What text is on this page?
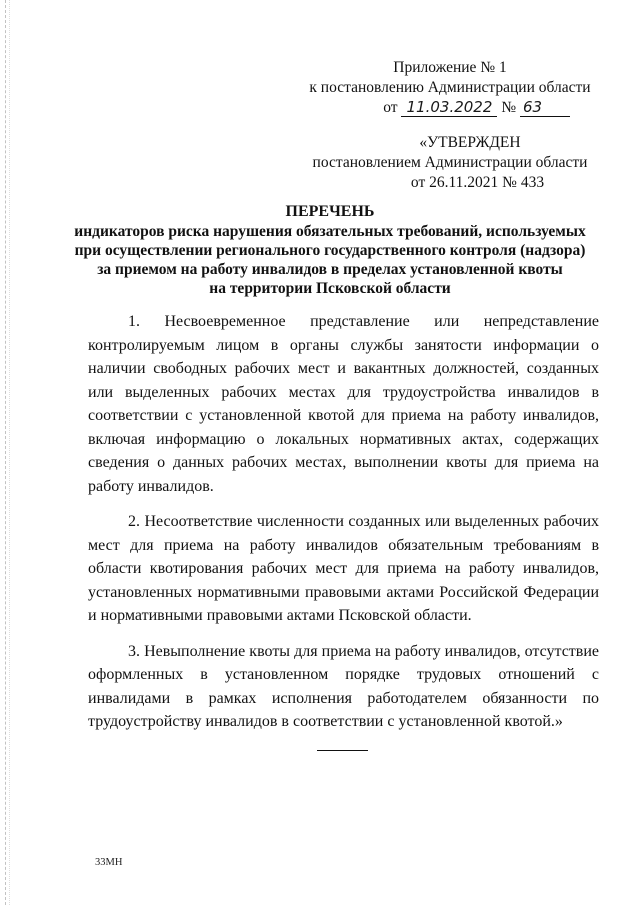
Приложение № 1
к постановлению Администрации области
от 11.03.2022 № 63
«УТВЕРЖДЕН
постановлением Администрации области
от 26.11.2021 № 433
ПЕРЕЧЕНЬ
индикаторов риска нарушения обязательных требований, используемых
при осуществлении регионального государственного контроля (надзора)
за приемом на работу инвалидов в пределах установленной квоты
на территории Псковской области

1. Несвоевременное представление или непредставление контролируемым лицом в органы службы занятости информации о наличии свободных рабочих мест и вакантных должностей, созданных или выделенных рабочих местах для трудоустройства инвалидов в соответствии с установленной квотой для приема на работу инвалидов, включая информацию о локальных нормативных актах, содержащих сведения о данных рабочих местах, выполнении квоты для приема на работу инвалидов.

2. Несоответствие численности созданных или выделенных рабочих мест для приема на работу инвалидов обязательным требованиям в области квотирования рабочих мест для приема на работу инвалидов, установленных нормативными правовыми актами Российской Федерации и нормативными правовыми актами Псковской области.

3. Невыполнение квоты для приема на работу инвалидов, отсутствие оформленных в установленном порядке трудовых отношений с инвалидами в рамках исполнения работодателем обязанности по трудоустройству инвалидов в соответствии с установленной квотой.»

33МН
